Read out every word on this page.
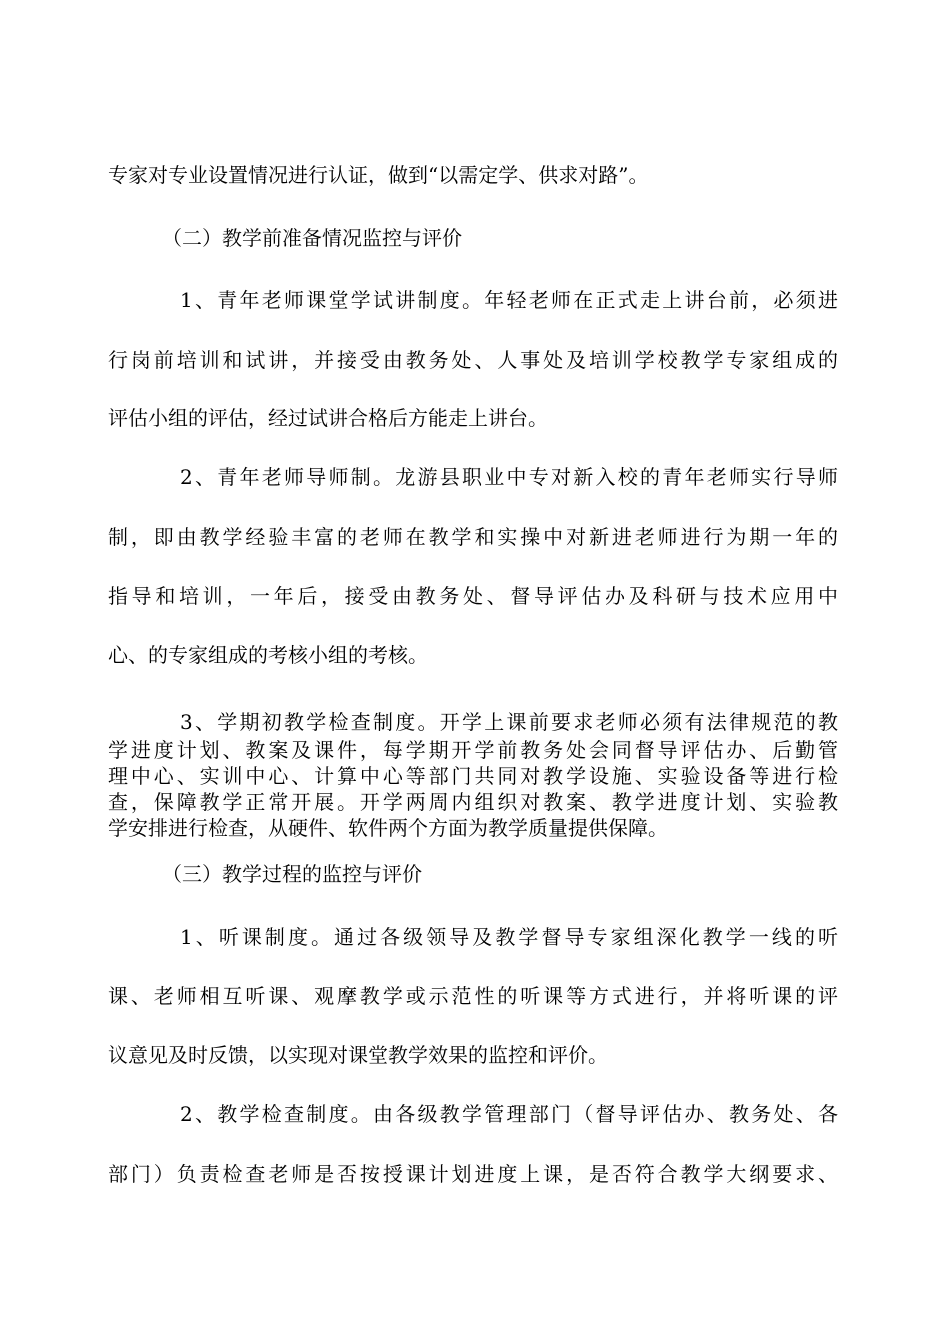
专家对专业设置情况进行认证，做到“以需定学、供求对路”。
（二）教学前准备情况监控与评价
1、青年老师课堂学试讲制度。年轻老师在正式走上讲台前，必须进
行岗前培训和试讲，并接受由教务处、人事处及培训学校教学专家组成的
评估小组的评估，经过试讲合格后方能走上讲台。
2、青年老师导师制。龙游县职业中专对新入校的青年老师实行导师
制，即由教学经验丰富的老师在教学和实操中对新进老师进行为期一年的
指导和培训，一年后，接受由教务处、督导评估办及科研与技术应用中
心、的专家组成的考核小组的考核。
3、学期初教学检查制度。开学上课前要求老师必须有法律规范的教
学进度计划、教案及课件，每学期开学前教务处会同督导评估办、后勤管
理中心、实训中心、计算中心等部门共同对教学设施、实验设备等进行检
查，保障教学正常开展。开学两周内组织对教案、教学进度计划、实验教
学安排进行检查，从硬件、软件两个方面为教学质量提供保障。
（三）教学过程的监控与评价
1、听课制度。通过各级领导及教学督导专家组深化教学一线的听
课、老师相互听课、观摩教学或示范性的听课等方式进行，并将听课的评
议意见及时反馈，以实现对课堂教学效果的监控和评价。
2、教学检查制度。由各级教学管理部门（督导评估办、教务处、各
部门）负责检查老师是否按授课计划进度上课，是否符合教学大纲要求、
